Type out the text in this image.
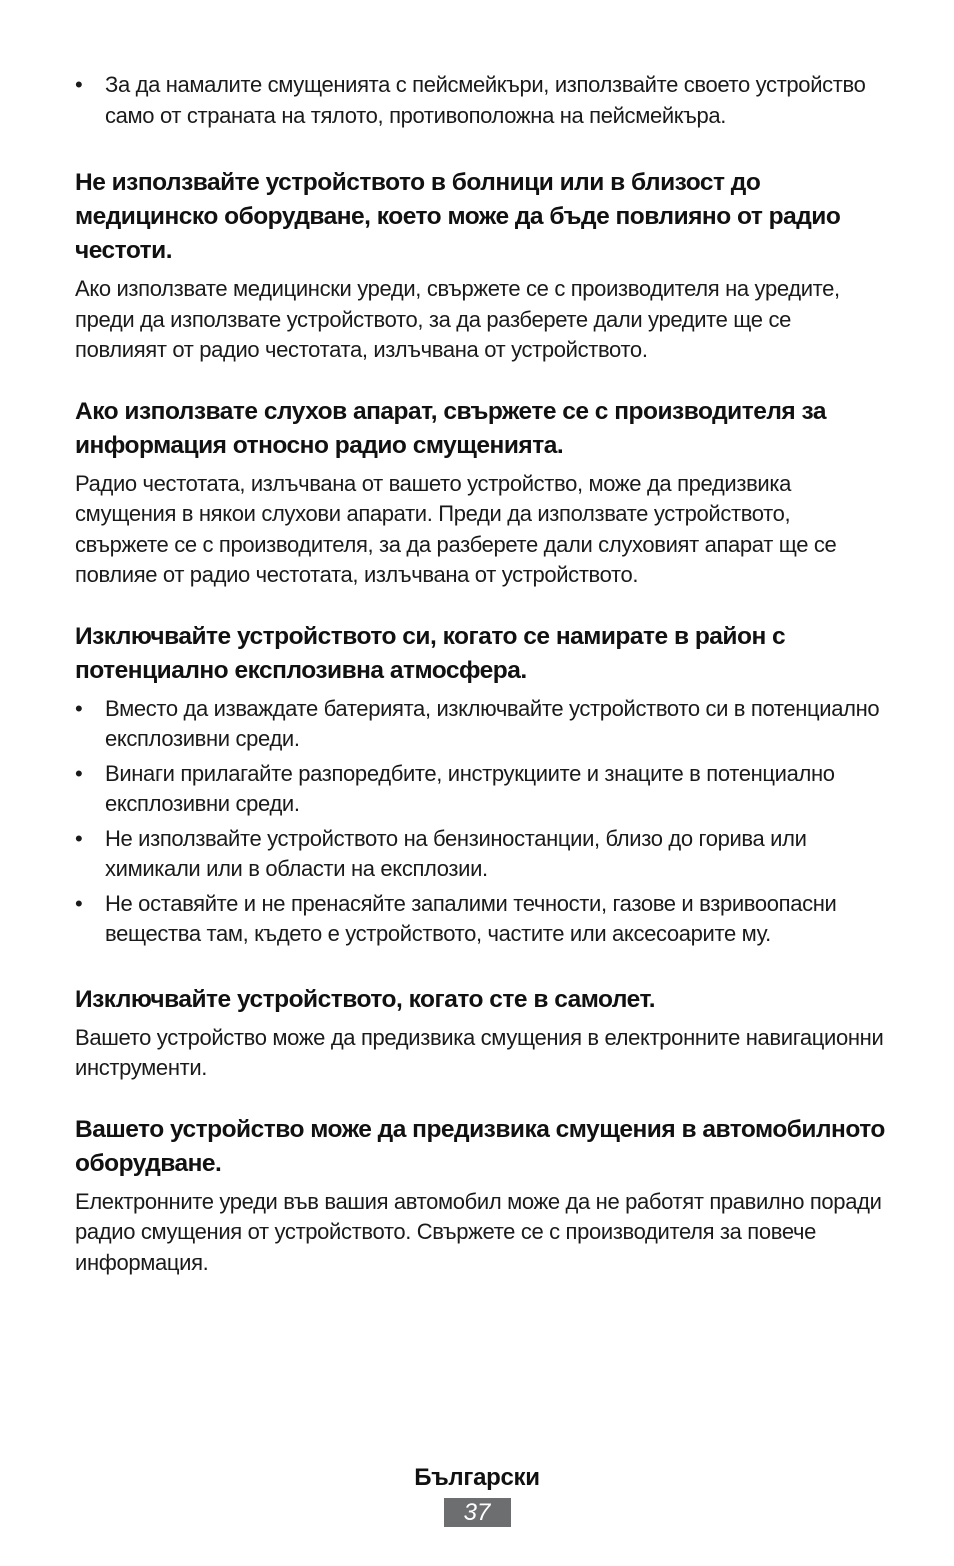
• За да намалите смущенията с пейсмейкъри, използвайте своето устройство само от страната на тялото, противоположна на пейсмейкъра.

Не използвайте устройството в болници или в близост до медицинско оборудване, което може да бъде повлияно от радио честоти.

Ако използвате медицински уреди, свържете се с производителя на уредите, преди да използвате устройството, за да разберете дали уредите ще се повлияят от радио честотата, излъчвана от устройството.

Ако използвате слухов апарат, свържете се с производителя за информация относно радио смущенията.

Радио честотата, излъчвана от вашето устройство, може да предизвика смущения в някои слухови апарати. Преди да използвате устройството, свържете се с производителя, за да разберете дали слуховият апарат ще се повлияе от радио честотата, излъчвана от устройството.

Изключвайте устройството си, когато се намирате в район с потенциално експлозивна атмосфера.

• Вместо да изваждате батерията, изключвайте устройството си в потенциално експлозивни среди.
• Винаги прилагайте разпоредбите, инструкциите и знаците в потенциално експлозивни среди.
• Не използвайте устройството на бензиностанции, близо до горива или химикали или в области на експлозии.
• Не оставяйте и не пренасяйте запалими течности, газове и взривоопасни вещества там, където е устройството, частите или аксесоарите му.

Изключвайте устройството, когато сте в самолет.

Вашето устройство може да предизвика смущения в електронните навигационни инструменти.

Вашето устройство може да предизвика смущения в автомобилното оборудване.

Електронните уреди във вашия автомобил може да не работят правилно поради радио смущения от устройството. Свържете се с производителя за повече информация.

Български
37
